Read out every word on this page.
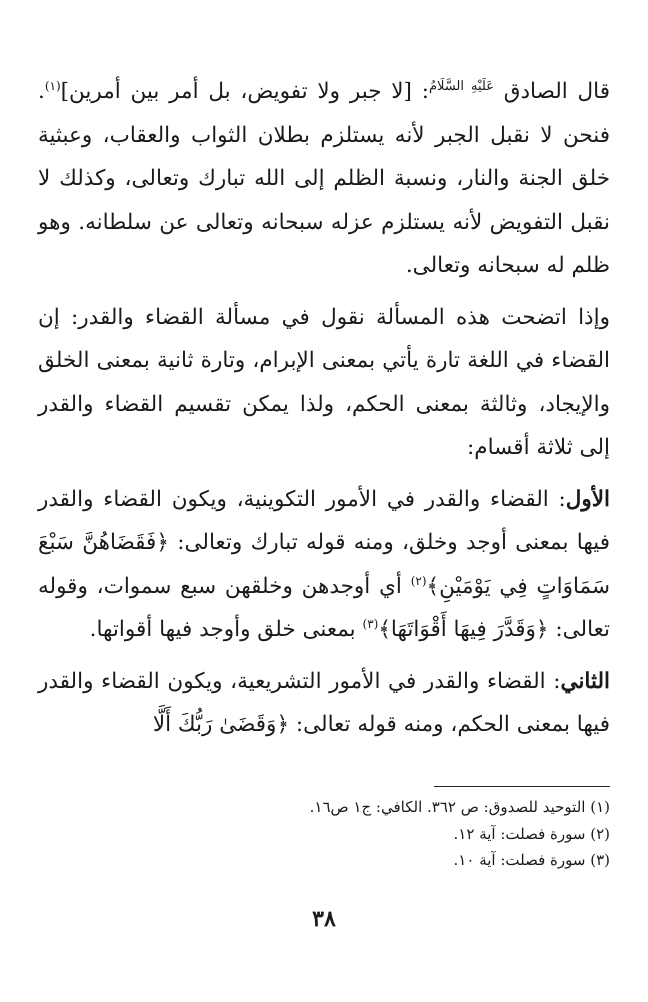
قال الصادق $^{عَلَيْهِ السَّلَامُ}$: [لا جبر ولا تفويض، بل أمر بين أمرين]$^{(١)}$. فنحن لا نقبل الجبر لأنه يستلزم بطلان الثواب والعقاب، وعبثية خلق الجنة والنار، ونسبة الظلم إلى الله تبارك وتعالى، وكذلك لا نقبل التفويض لأنه يستلزم عزله سبحانه وتعالى عن سلطانه. وهو ظلم له سبحانه وتعالى.

وإذا اتضحت هذه المسألة نقول في مسألة القضاء والقدر: إن القضاء في اللغة تارة يأتي بمعنى الإبرام، وتارة ثانية بمعنى الخلق والإيجاد، وثالثة بمعنى الحكم، ولذا يمكن تقسيم القضاء والقدر إلى ثلاثة أقسام:

الأول: القضاء والقدر في الأمور التكوينية، ويكون القضاء والقدر فيها بمعنى أوجد وخلق، ومنه قوله تبارك وتعالى: ﴿فَقَضَاهُنَّ سَبْعَ سَمَاوَاتٍ فِي يَوْمَيْنِ﴾$^{(٢)}$ أي أوجدهن وخلقهن سبع سموات، وقوله تعالى: ﴿وَقَدَّرَ فِيهَا أَقْوَاتَهَا﴾$^{(٣)}$ بمعنى خلق وأوجد فيها أقواتها.

الثاني: القضاء والقدر في الأمور التشريعية، ويكون القضاء والقدر فيها بمعنى الحكم، ومنه قوله تعالى: ﴿وَقَضَىٰ رَبُّكَ أَلَّا

(١) التوحيد للصدوق: ص ٣٦٢. الكافي: ج١ ص١٦.

(٢) سورة فصلت: آية ١٢.

(٣) سورة فصلت: آية ١٠.

٣٨
